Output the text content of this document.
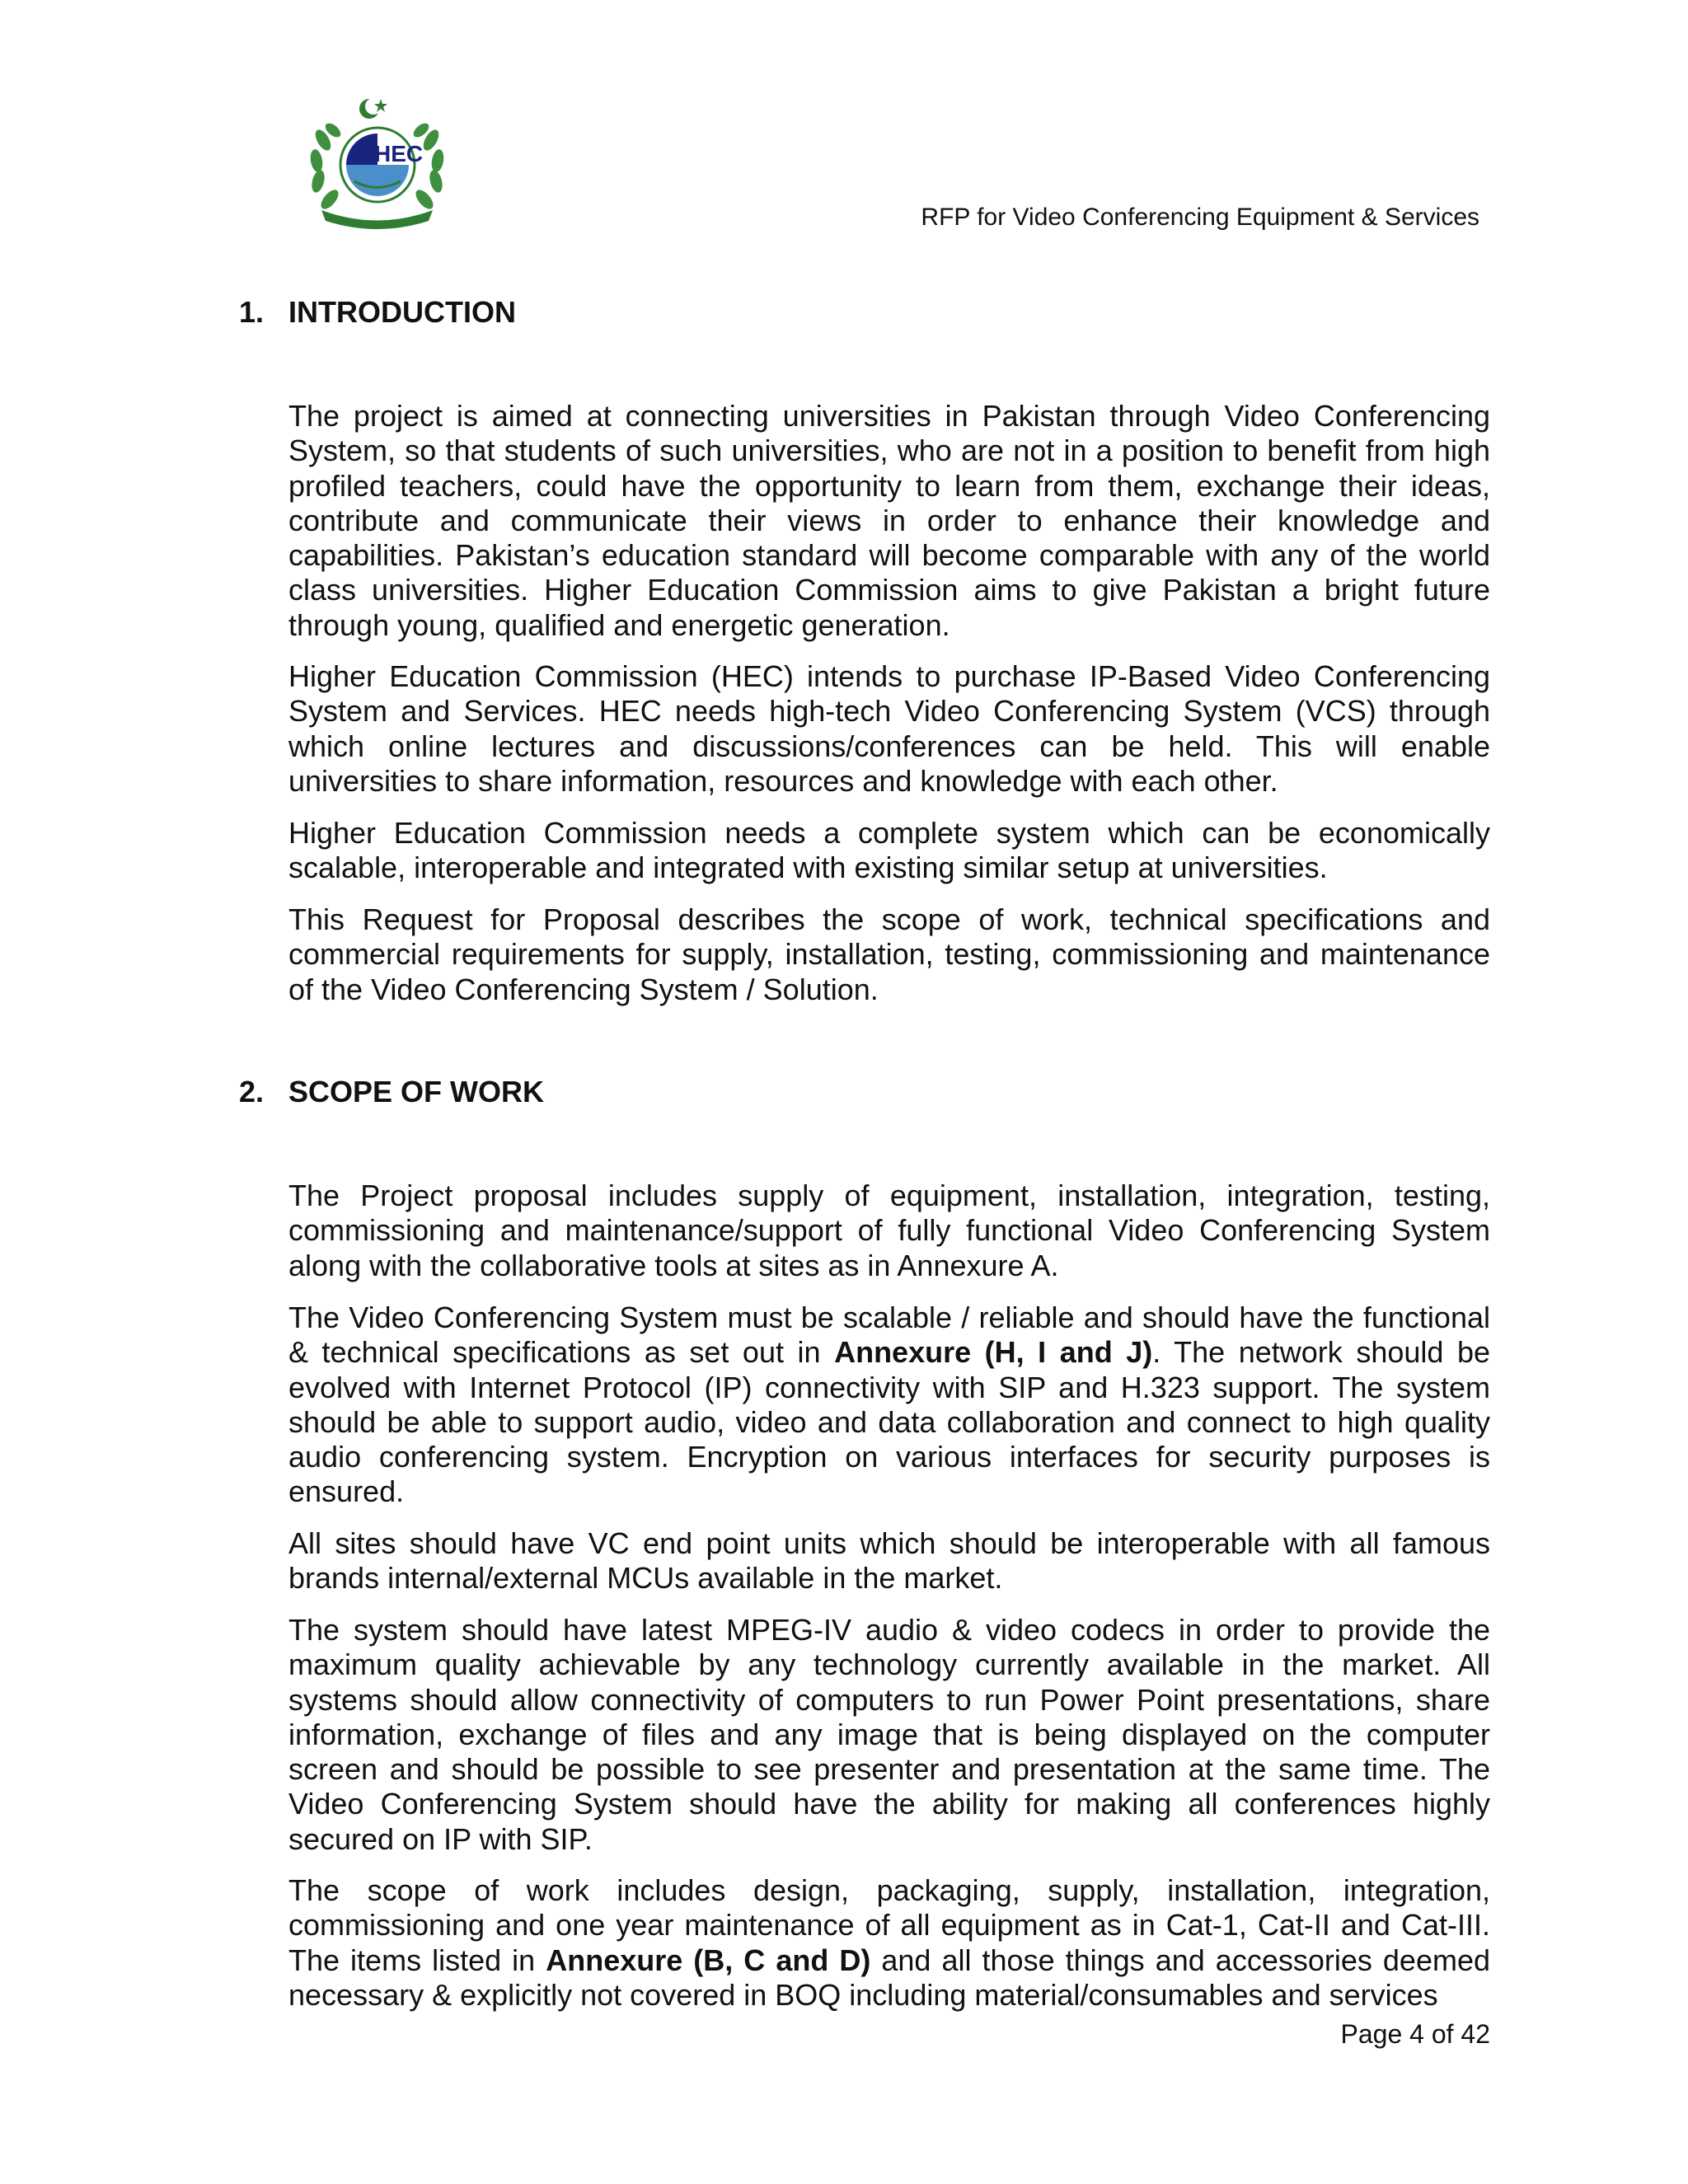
HEC
RFP for Video Conferencing Equipment & Services
1. INTRODUCTION

The project is aimed at connecting universities in Pakistan through Video Conferencing System, so that students of such universities, who are not in a position to benefit from high profiled teachers, could have the opportunity to learn from them, exchange their ideas, contribute and communicate their views in order to enhance their knowledge and capabilities. Pakistan’s education standard will become comparable with any of the world class universities. Higher Education Commission aims to give Pakistan a bright future through young, qualified and energetic generation.

Higher Education Commission (HEC) intends to purchase IP-Based Video Conferencing System and Services. HEC needs high-tech Video Conferencing System (VCS) through which online lectures and discussions/conferences can be held. This will enable universities to share information, resources and knowledge with each other.

Higher Education Commission needs a complete system which can be economically scalable, interoperable and integrated with existing similar setup at universities.

This Request for Proposal describes the scope of work, technical specifications and commercial requirements for supply, installation, testing, commissioning and maintenance of the Video Conferencing System / Solution.

2. SCOPE OF WORK

The Project proposal includes supply of equipment, installation, integration, testing, commissioning and maintenance/support of fully functional Video Conferencing System along with the collaborative tools at sites as in Annexure A.

The Video Conferencing System must be scalable / reliable and should have the functional & technical specifications as set out in Annexure (H, I and J). The network should be evolved with Internet Protocol (IP) connectivity with SIP and H.323 support. The system should be able to support audio, video and data collaboration and connect to high quality audio conferencing system. Encryption on various interfaces for security purposes is ensured.

All sites should have VC end point units which should be interoperable with all famous brands internal/external MCUs available in the market.

The system should have latest MPEG-IV audio & video codecs in order to provide the maximum quality achievable by any technology currently available in the market. All systems should allow connectivity of computers to run Power Point presentations, share information, exchange of files and any image that is being displayed on the computer screen and should be possible to see presenter and presentation at the same time. The Video Conferencing System should have the ability for making all conferences highly secured on IP with SIP.

The scope of work includes design, packaging, supply, installation, integration, commissioning and one year maintenance of all equipment as in Cat-1, Cat-II and Cat-III. The items listed in Annexure (B, C and D) and all those things and accessories deemed necessary & explicitly not covered in BOQ including material/consumables and services

Page 4 of 42
